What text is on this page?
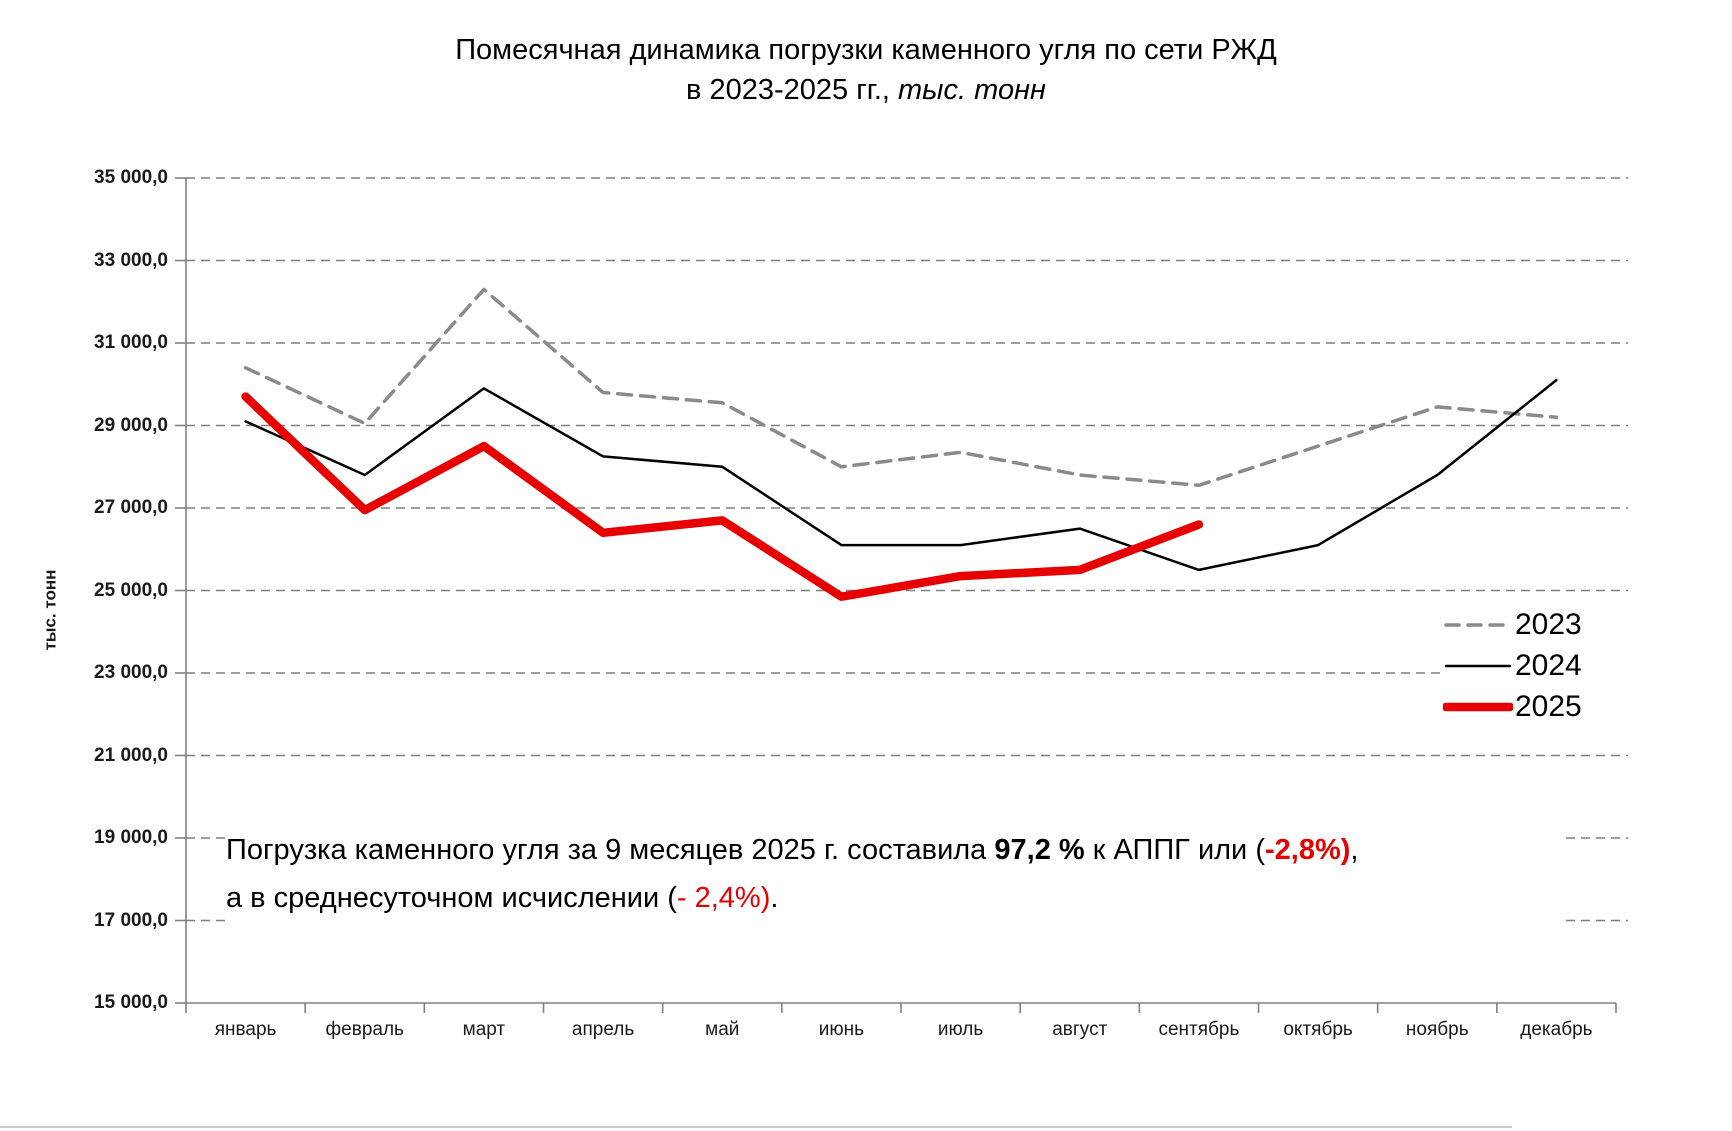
Помесячная динамика погрузки каменного угля по сети РЖД
в 2023-2025 гг., тыс. тонн
35 000,0
33 000,0
31 000,0
29 000,0
27 000,0
25 000,0
23 000,0
21 000,0
19 000,0
17 000,0
15 000,0
январь	февраль	март	апрель	май	июнь	июль	август	сентябрь	октябрь	ноябрь	декабрь
тыс. тонн	2023
2024
2025
Погрузка каменного угля за 9 месяцев 2025 г. составила 97,2 % к АППГ или (-2,8%),
а в среднесуточном исчислении (- 2,4%).
